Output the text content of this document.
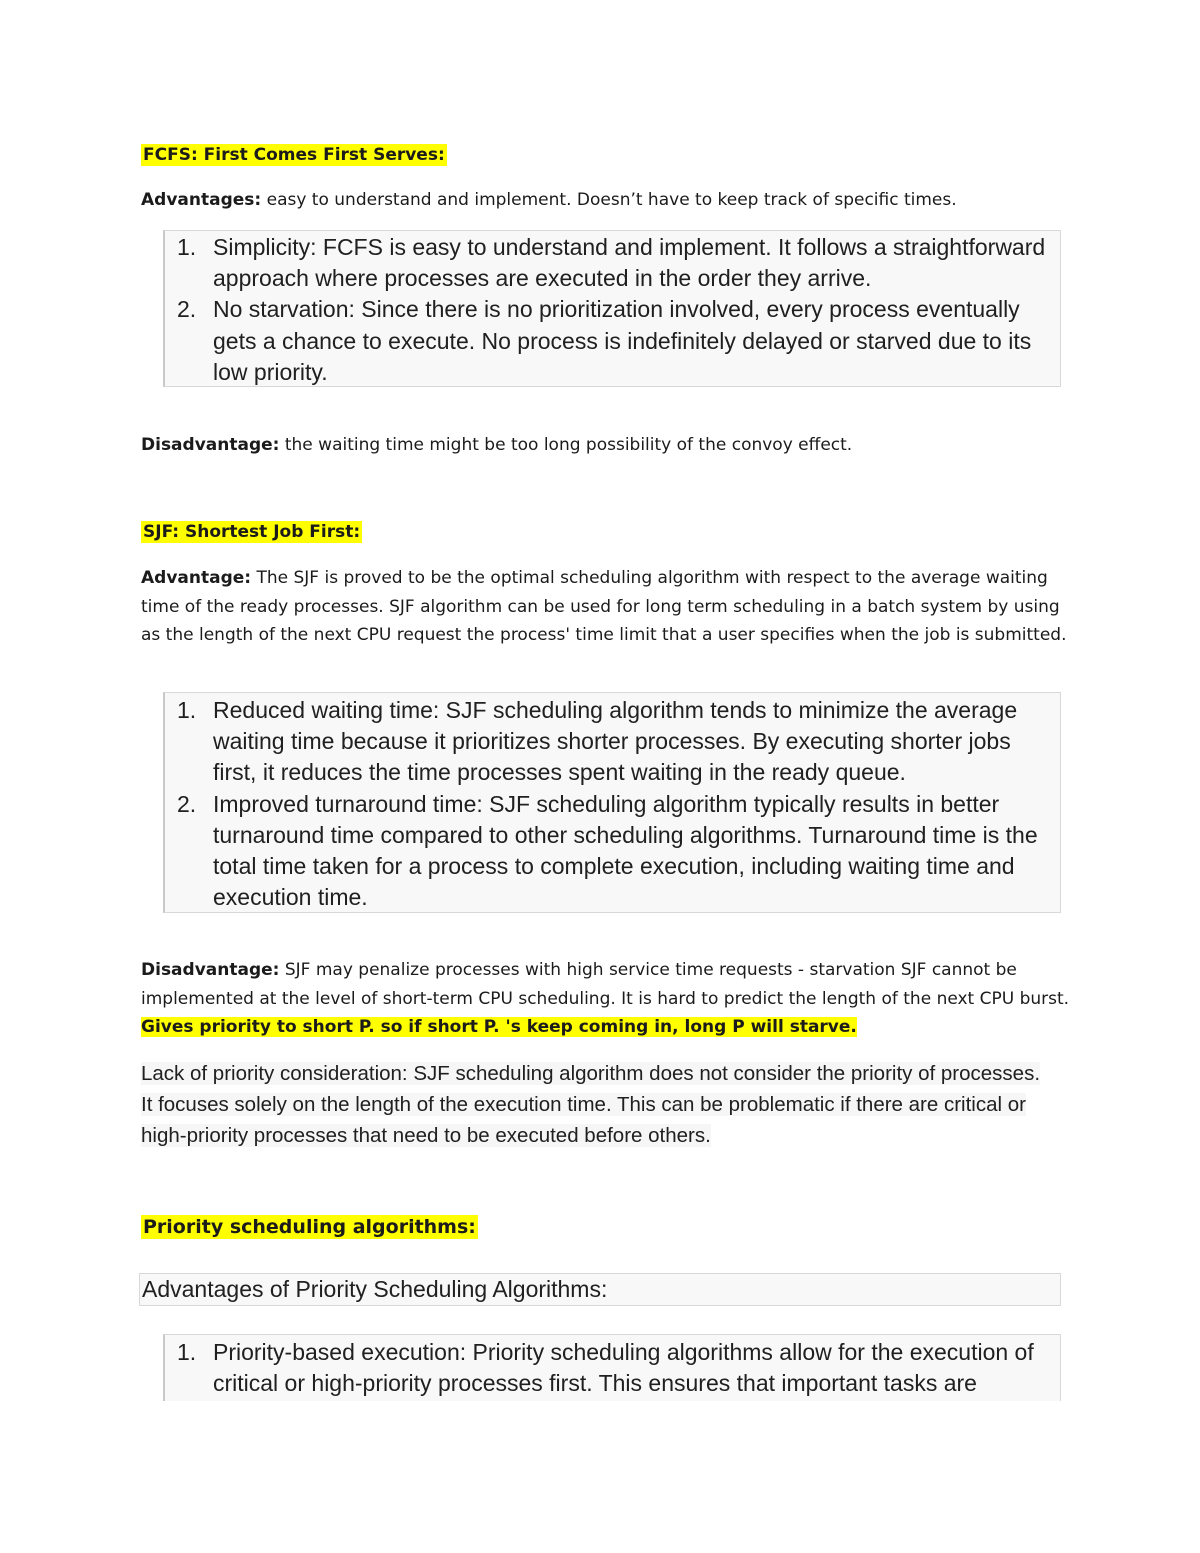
FCFS: First Comes First Serves:
Advantages: easy to understand and implement. Doesn’t have to keep track of specific times.
1. Simplicity: FCFS is easy to understand and implement. It follows a straightforward approach where processes are executed in the order they arrive.
2. No starvation: Since there is no prioritization involved, every process eventually gets a chance to execute. No process is indefinitely delayed or starved due to its low priority.
Disadvantage: the waiting time might be too long possibility of the convoy effect.
SJF: Shortest Job First:
Advantage: The SJF is proved to be the optimal scheduling algorithm with respect to the average waiting time of the ready processes. SJF algorithm can be used for long term scheduling in a batch system by using as the length of the next CPU request the process' time limit that a user specifies when the job is submitted.
1. Reduced waiting time: SJF scheduling algorithm tends to minimize the average waiting time because it prioritizes shorter processes. By executing shorter jobs first, it reduces the time processes spent waiting in the ready queue.
2. Improved turnaround time: SJF scheduling algorithm typically results in better turnaround time compared to other scheduling algorithms. Turnaround time is the total time taken for a process to complete execution, including waiting time and execution time.
Disadvantage: SJF may penalize processes with high service time requests - starvation SJF cannot be implemented at the level of short-term CPU scheduling. It is hard to predict the length of the next CPU burst. Gives priority to short P. so if short P. 's keep coming in, long P will starve.
Lack of priority consideration: SJF scheduling algorithm does not consider the priority of processes. It focuses solely on the length of the execution time. This can be problematic if there are critical or high-priority processes that need to be executed before others.
Priority scheduling algorithms:
Advantages of Priority Scheduling Algorithms:
1. Priority-based execution: Priority scheduling algorithms allow for the execution of critical or high-priority processes first. This ensures that important tasks are
